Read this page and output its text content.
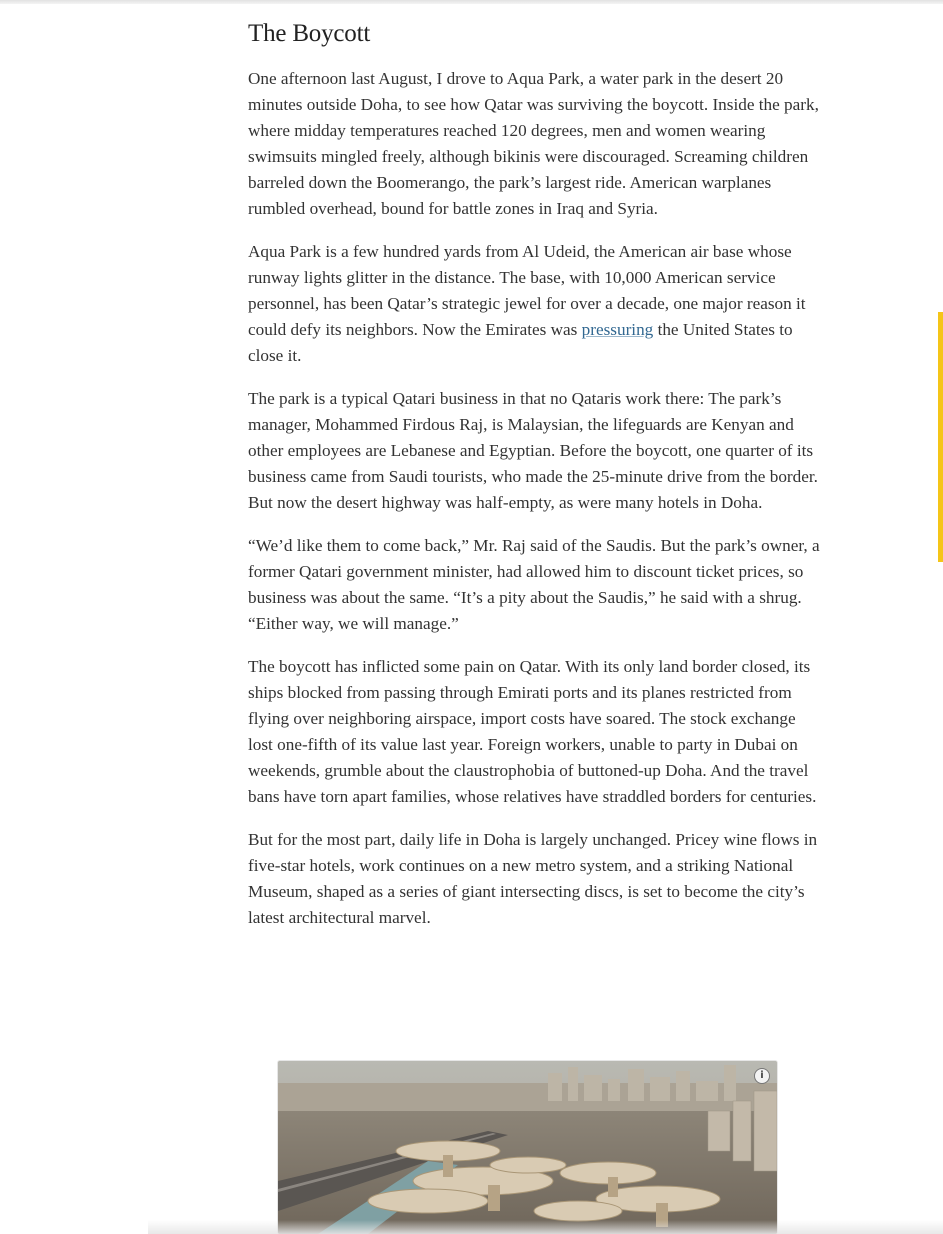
The Boycott

One afternoon last August, I drove to Aqua Park, a water park in the desert 20 minutes outside Doha, to see how Qatar was surviving the boycott. Inside the park, where midday temperatures reached 120 degrees, men and women wearing swimsuits mingled freely, although bikinis were discouraged. Screaming children barreled down the Boomerango, the park’s largest ride. American warplanes rumbled overhead, bound for battle zones in Iraq and Syria.

Aqua Park is a few hundred yards from Al Udeid, the American air base whose runway lights glitter in the distance. The base, with 10,000 American service personnel, has been Qatar’s strategic jewel for over a decade, one major reason it could defy its neighbors. Now the Emirates was pressuring the United States to close it.

The park is a typical Qatari business in that no Qataris work there: The park’s manager, Mohammed Firdous Raj, is Malaysian, the lifeguards are Kenyan and other employees are Lebanese and Egyptian. Before the boycott, one quarter of its business came from Saudi tourists, who made the 25-minute drive from the border. But now the desert highway was half-empty, as were many hotels in Doha.

“We’d like them to come back,” Mr. Raj said of the Saudis. But the park’s owner, a former Qatari government minister, had allowed him to discount ticket prices, so business was about the same. “It’s a pity about the Saudis,” he said with a shrug. “Either way, we will manage.”

The boycott has inflicted some pain on Qatar. With its only land border closed, its ships blocked from passing through Emirati ports and its planes restricted from flying over neighboring airspace, import costs have soared. The stock exchange lost one-fifth of its value last year. Foreign workers, unable to party in Dubai on weekends, grumble about the claustrophobia of buttoned-up Doha. And the travel bans have torn apart families, whose relatives have straddled borders for centuries.

But for the most part, daily life in Doha is largely unchanged. Pricey wine flows in five-star hotels, work continues on a new metro system, and a striking National Museum, shaped as a series of giant intersecting discs, is set to become the city’s latest architectural marvel.

i
